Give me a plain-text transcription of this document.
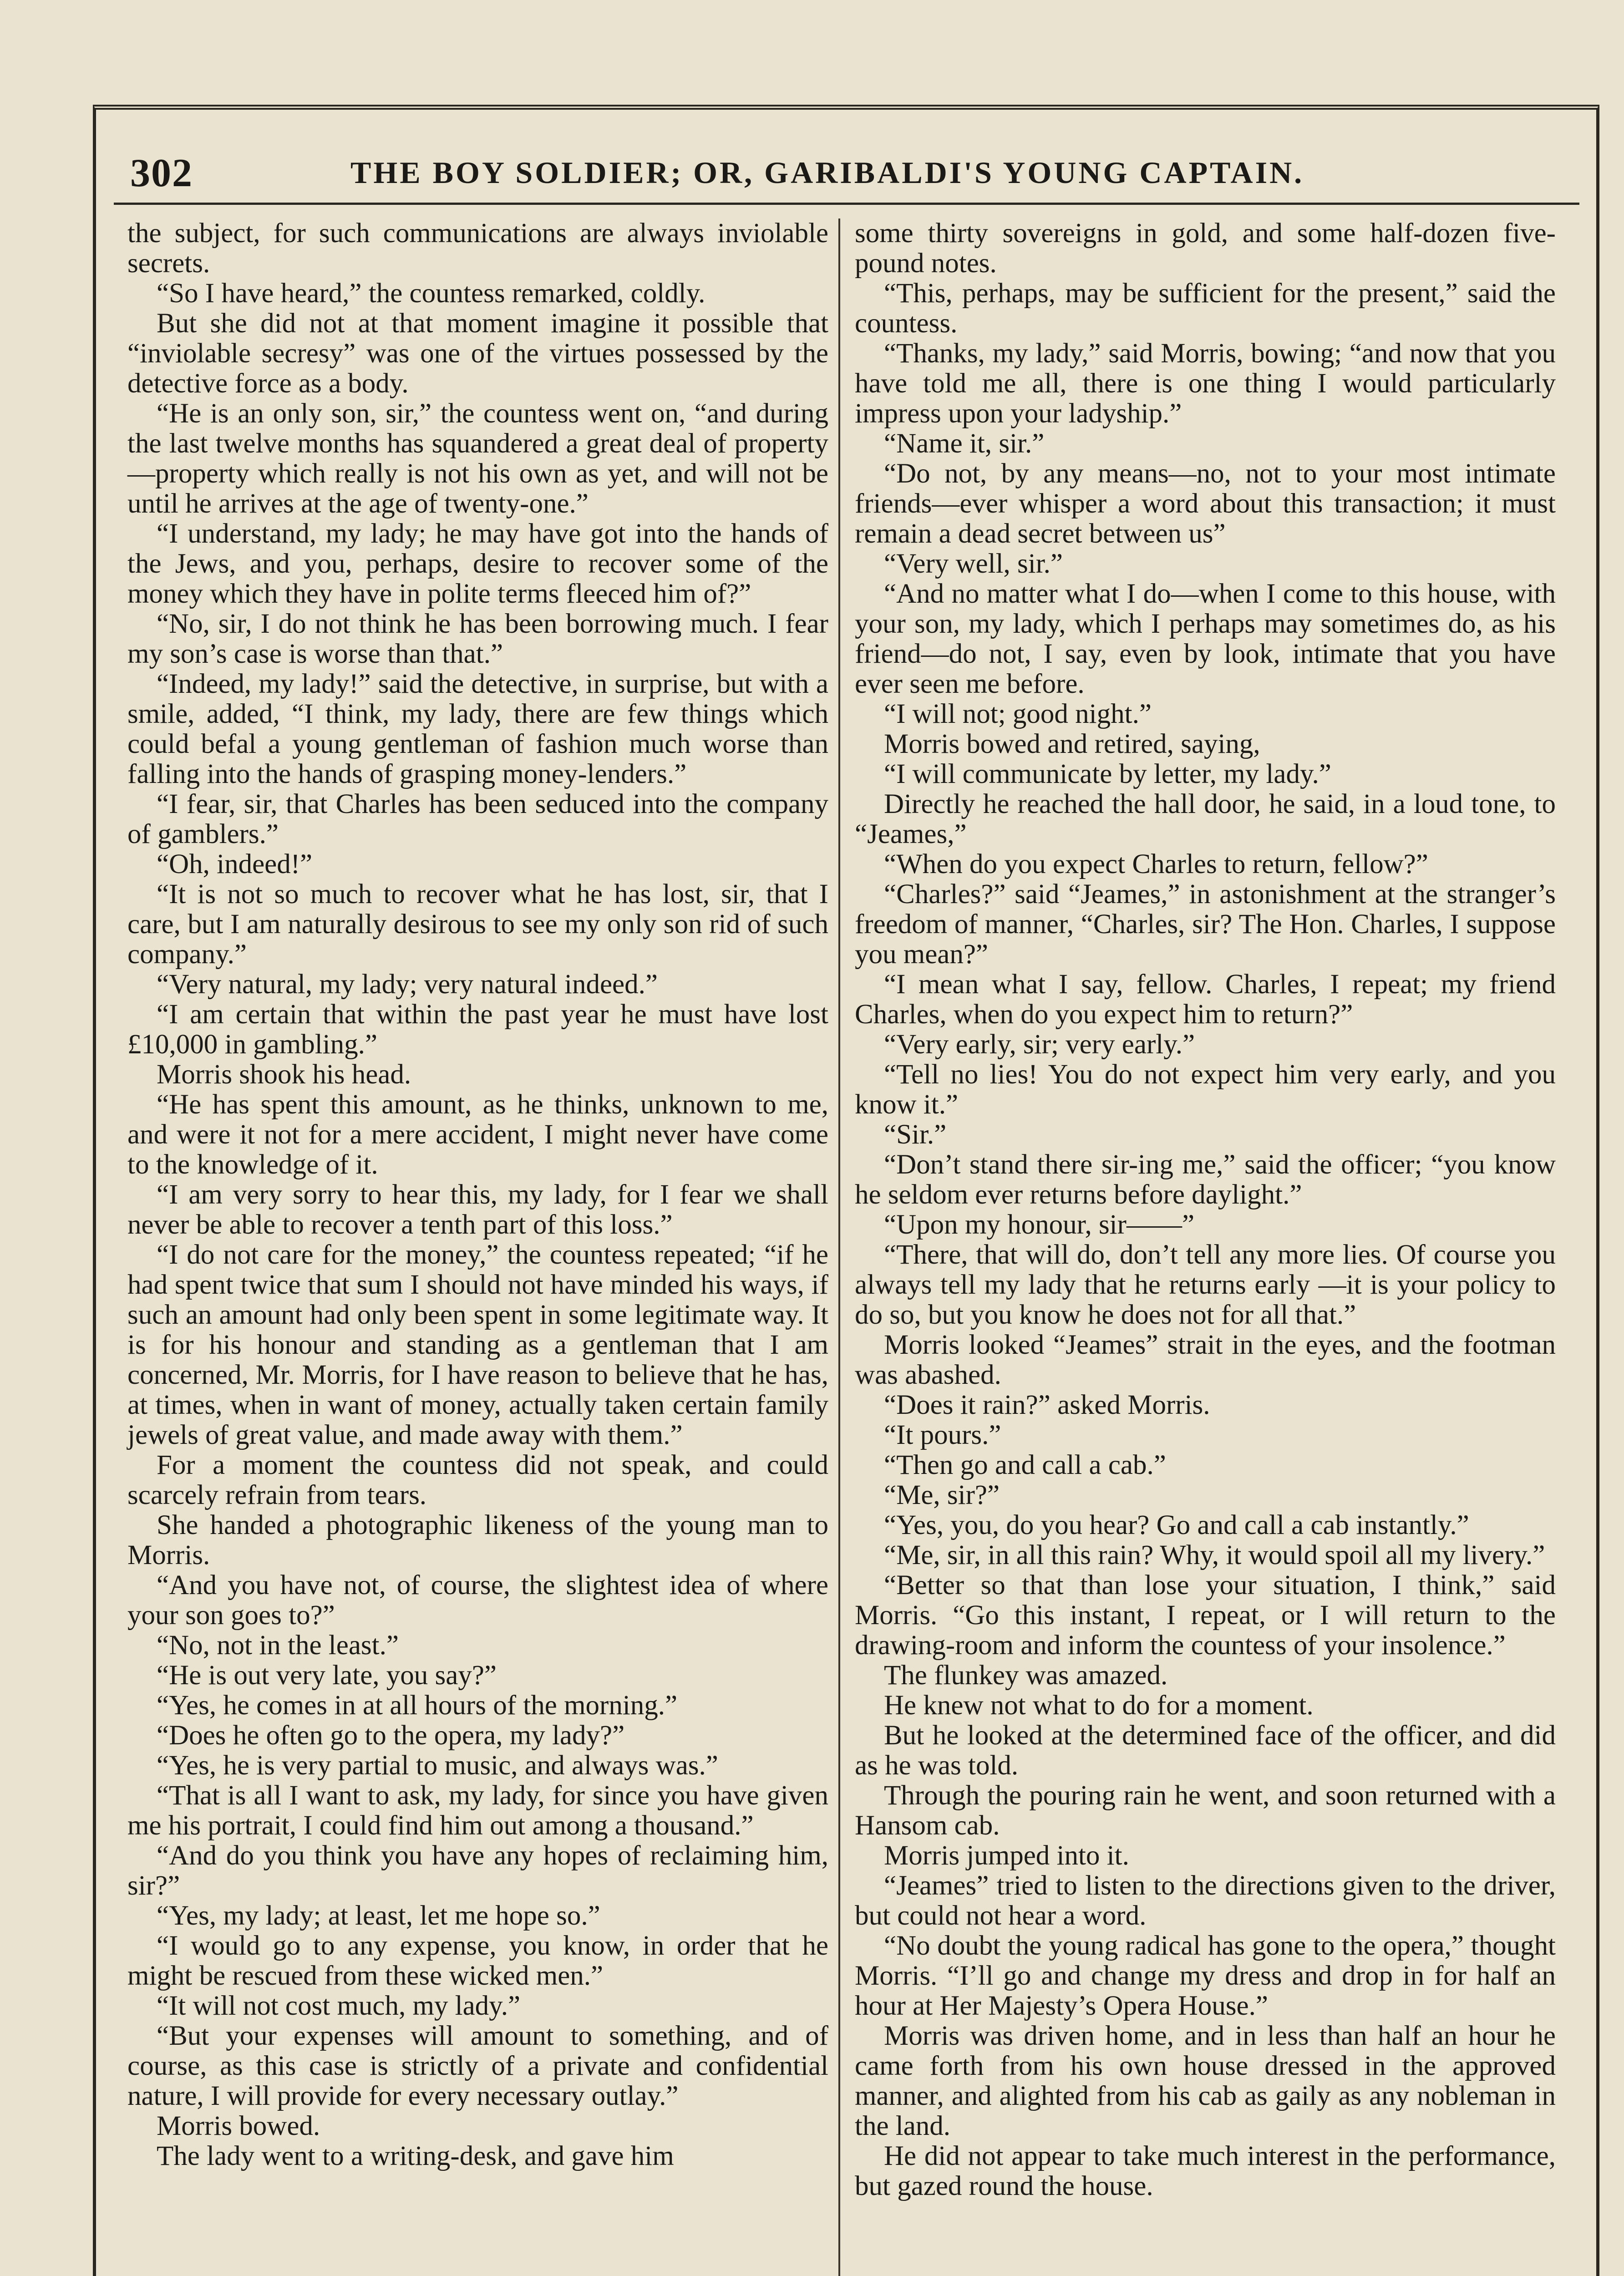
302	THE BOY SOLDIER; OR, GARIBALDI'S YOUNG CAPTAIN.

the subject, for such communications are always inviolable secrets.

“So I have heard,” the countess remarked, coldly.

But she did not at that moment imagine it possible that “inviolable secresy” was one of the virtues possessed by the detective force as a body.

“He is an only son, sir,” the countess went on, “and during the last twelve months has squandered a great deal of property—property which really is not his own as yet, and will not be until he arrives at the age of twenty-one.”

“I understand, my lady; he may have got into the hands of the Jews, and you, perhaps, desire to recover some of the money which they have in polite terms fleeced him of?”

“No, sir, I do not think he has been borrowing much. I fear my son’s case is worse than that.”

“Indeed, my lady!” said the detective, in surprise, but with a smile, added, “I think, my lady, there are few things which could befal a young gentleman of fashion much worse than falling into the hands of grasping money-lenders.”

“I fear, sir, that Charles has been seduced into the company of gamblers.”

“Oh, indeed!”

“It is not so much to recover what he has lost, sir, that I care, but I am naturally desirous to see my only son rid of such company.”

“Very natural, my lady; very natural indeed.”

“I am certain that within the past year he must have lost £10,000 in gambling.”

Morris shook his head.

“He has spent this amount, as he thinks, unknown to me, and were it not for a mere accident, I might never have come to the knowledge of it.

“I am very sorry to hear this, my lady, for I fear we shall never be able to recover a tenth part of this loss.”

“I do not care for the money,” the countess repeated; “if he had spent twice that sum I should not have minded his ways, if such an amount had only been spent in some legitimate way. It is for his honour and standing as a gentleman that I am concerned, Mr. Morris, for I have reason to believe that he has, at times, when in want of money, actually taken certain family jewels of great value, and made away with them.”

For a moment the countess did not speak, and could scarcely refrain from tears.

She handed a photographic likeness of the young man to Morris.

“And you have not, of course, the slightest idea of where your son goes to?”

“No, not in the least.”

“He is out very late, you say?”

“Yes, he comes in at all hours of the morning.”

“Does he often go to the opera, my lady?”

“Yes, he is very partial to music, and always was.”

“That is all I want to ask, my lady, for since you have given me his portrait, I could find him out among a thousand.”

“And do you think you have any hopes of reclaiming him, sir?”

“Yes, my lady; at least, let me hope so.”

“I would go to any expense, you know, in order that he might be rescued from these wicked men.”

“It will not cost much, my lady.”

“But your expenses will amount to something, and of course, as this case is strictly of a private and confidential nature, I will provide for every necessary outlay.”

Morris bowed.

The lady went to a writing-desk, and gave him

some thirty sovereigns in gold, and some half-dozen five-pound notes.

“This, perhaps, may be sufficient for the present,” said the countess.

“Thanks, my lady,” said Morris, bowing; “and now that you have told me all, there is one thing I would particularly impress upon your ladyship.”

“Name it, sir.”

“Do not, by any means—no, not to your most intimate friends—ever whisper a word about this transaction; it must remain a dead secret between us”

“Very well, sir.”

“And no matter what I do—when I come to this house, with your son, my lady, which I perhaps may sometimes do, as his friend—do not, I say, even by look, intimate that you have ever seen me before.

“I will not; good night.”

Morris bowed and retired, saying,

“I will communicate by letter, my lady.”

Directly he reached the hall door, he said, in a loud tone, to “Jeames,”

“When do you expect Charles to return, fellow?”

“Charles?” said “Jeames,” in astonishment at the stranger’s freedom of manner, “Charles, sir? The Hon. Charles, I suppose you mean?”

“I mean what I say, fellow. Charles, I repeat; my friend Charles, when do you expect him to return?”

“Very early, sir; very early.”

“Tell no lies! You do not expect him very early, and you know it.”

“Sir.”

“Don’t stand there sir-ing me,” said the officer; “you know he seldom ever returns before daylight.”

“Upon my honour, sir——”

“There, that will do, don’t tell any more lies. Of course you always tell my lady that he returns early —it is your policy to do so, but you know he does not for all that.”

Morris looked “Jeames” strait in the eyes, and the footman was abashed.

“Does it rain?” asked Morris.

“It pours.”

“Then go and call a cab.”

“Me, sir?”

“Yes, you, do you hear? Go and call a cab instantly.”

“Me, sir, in all this rain? Why, it would spoil all my livery.”

“Better so that than lose your situation, I think,” said Morris. “Go this instant, I repeat, or I will return to the drawing-room and inform the countess of your insolence.”

The flunkey was amazed.

He knew not what to do for a moment.

But he looked at the determined face of the officer, and did as he was told.

Through the pouring rain he went, and soon returned with a Hansom cab.

Morris jumped into it.

“Jeames” tried to listen to the directions given to the driver, but could not hear a word.

“No doubt the young radical has gone to the opera,” thought Morris. “I’ll go and change my dress and drop in for half an hour at Her Majesty’s Opera House.”

Morris was driven home, and in less than half an hour he came forth from his own house dressed in the approved manner, and alighted from his cab as gaily as any nobleman in the land.

He did not appear to take much interest in the performance, but gazed round the house.
